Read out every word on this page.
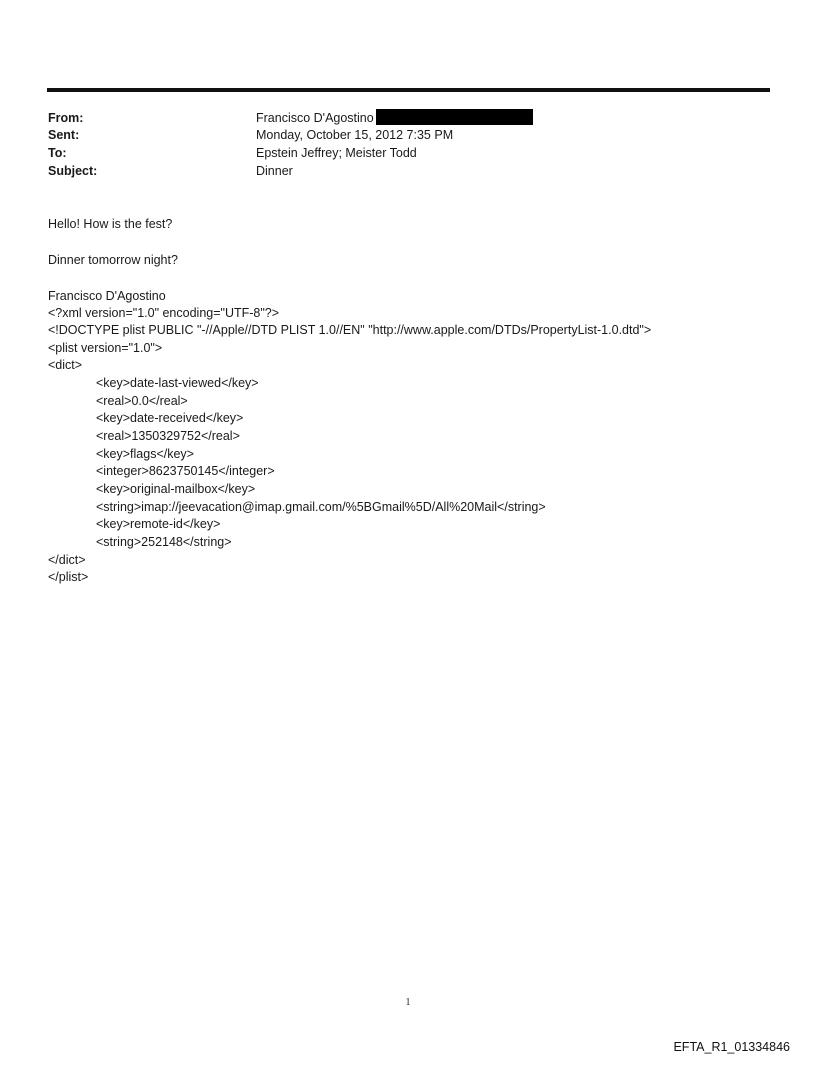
From:	Francisco D'Agostino
Sent:	Monday, October 15, 2012 7:35 PM
To:	Epstein Jeffrey; Meister Todd
Subject:	Dinner
Hello! How is the fest?
Dinner tomorrow night?
Francisco D'Agostino
<?xml version="1.0" encoding="UTF-8"?>
<!DOCTYPE plist PUBLIC "-//Apple//DTD PLIST 1.0//EN" "http://www.apple.com/DTDs/PropertyList-1.0.dtd">
<plist version="1.0">
<dict>
<key>date-last-viewed</key>
<real>0.0</real>
<key>date-received</key>
<real>1350329752</real>
<key>flags</key>
<integer>8623750145</integer>
<key>original-mailbox</key>
<string>imap://jeevacation@imap.gmail.com/%5BGmail%5D/All%20Mail</string>
<key>remote-id</key>
<string>252148</string>
</dict>
</plist>
1
EFTA_R1_01334846
